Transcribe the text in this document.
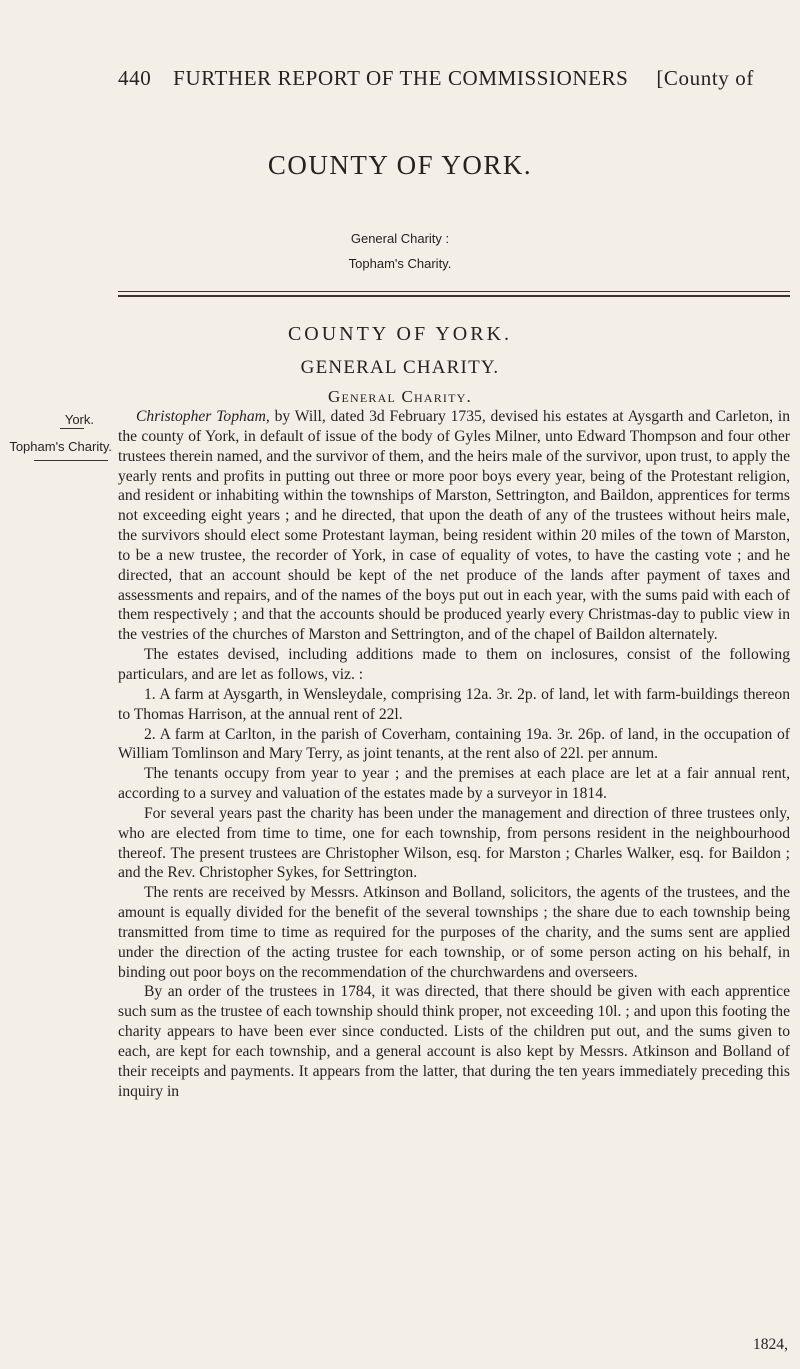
440 FURTHER REPORT OF THE COMMISSIONERS [County of
COUNTY OF YORK.
General Charity :
Topham's Charity.
COUNTY OF YORK.
GENERAL CHARITY.
General Charity.
York.
Topham's Charity.

Christopher Topham, by Will, dated 3d February 1735, devised his estates at Aysgarth and Carleton, in the county of York, in default of issue of the body of Gyles Milner, unto Edward Thompson and four other trustees therein named, and the survivor of them, and the heirs male of the survivor, upon trust, to apply the yearly rents and profits in putting out three or more poor boys every year, being of the Protestant religion, and resident or inhabiting within the townships of Marston, Settrington, and Baildon, apprentices for terms not exceeding eight years ; and he directed, that upon the death of any of the trustees without heirs male, the survivors should elect some Protestant layman, being resident within 20 miles of the town of Marston, to be a new trustee, the recorder of York, in case of equality of votes, to have the casting vote ; and he directed, that an account should be kept of the net produce of the lands after payment of taxes and assessments and repairs, and of the names of the boys put out in each year, with the sums paid with each of them respectively ; and that the accounts should be produced yearly every Christmas-day to public view in the vestries of the churches of Marston and Settrington, and of the chapel of Baildon alternately.

The estates devised, including additions made to them on inclosures, consist of the following particulars, and are let as follows, viz. :

1. A farm at Aysgarth, in Wensleydale, comprising 12a. 3r. 2p. of land, let with farm-buildings thereon to Thomas Harrison, at the annual rent of 22l.

2. A farm at Carlton, in the parish of Coverham, containing 19a. 3r. 26p. of land, in the occupation of William Tomlinson and Mary Terry, as joint tenants, at the rent also of 22l. per annum.

The tenants occupy from year to year ; and the premises at each place are let at a fair annual rent, according to a survey and valuation of the estates made by a surveyor in 1814.

For several years past the charity has been under the management and direction of three trustees only, who are elected from time to time, one for each township, from persons resident in the neighbourhood thereof. The present trustees are Christopher Wilson, esq. for Marston ; Charles Walker, esq. for Baildon ; and the Rev. Christopher Sykes, for Settrington.

The rents are received by Messrs. Atkinson and Bolland, solicitors, the agents of the trustees, and the amount is equally divided for the benefit of the several townships ; the share due to each township being transmitted from time to time as required for the purposes of the charity, and the sums sent are applied under the direction of the acting trustee for each township, or of some person acting on his behalf, in binding out poor boys on the recommendation of the churchwardens and overseers.

By an order of the trustees in 1784, it was directed, that there should be given with each apprentice such sum as the trustee of each township should think proper, not exceeding 10l. ; and upon this footing the charity appears to have been ever since conducted. Lists of the children put out, and the sums given to each, are kept for each township, and a general account is also kept by Messrs. Atkinson and Bolland of their receipts and payments. It appears from the latter, that during the ten years immediately preceding this inquiry in

1824,
